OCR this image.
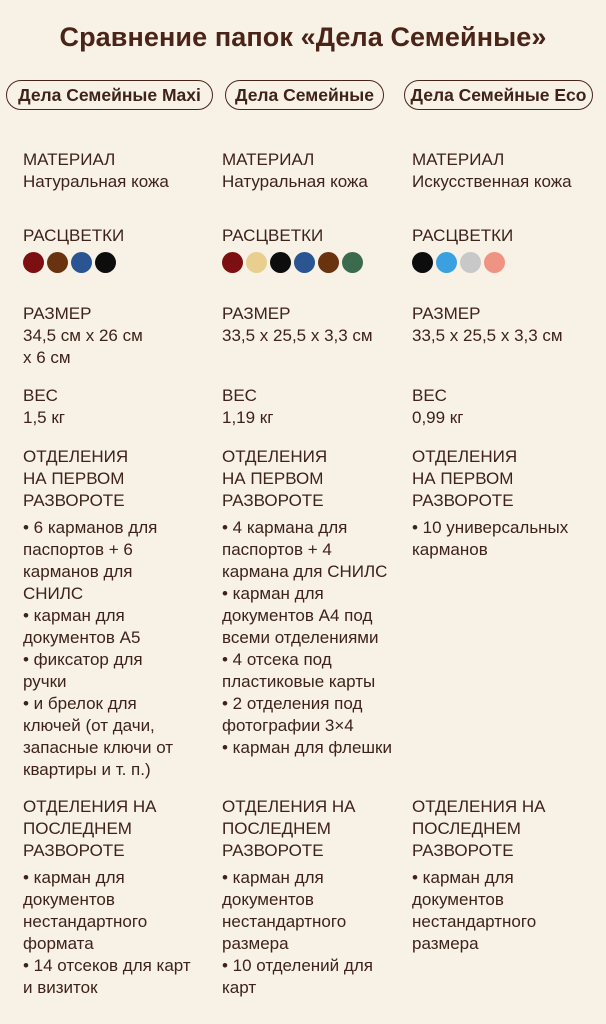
Сравнение папок «Дела Семейные»
Дела Семейные Maxi	Дела Семейные	Дела Семейные Eco
МАТЕРИАЛ
Натуральная кожа
РАСЦВЕТКИ
РАЗМЕР
34,5 см х 26 см
х 6 см
ВЕС
1,5 кг
ОТДЕЛЕНИЯ
НА ПЕРВОМ
РАЗВОРОТЕ
• 6 карманов для
паспортов + 6
карманов для
СНИЛС
• карман для
документов А5
• фиксатор для
ручки
• и брелок для
ключей (от дачи,
запасные ключи от
квартиры и т. п.)
ОТДЕЛЕНИЯ НА
ПОСЛЕДНЕМ
РАЗВОРОТЕ
• карман для
документов
нестандартного
формата
• 14 отсеков для карт
и визиток
МАТЕРИАЛ
Натуральная кожа
РАСЦВЕТКИ
РАЗМЕР
33,5 х 25,5 х 3,3 см
ВЕС
1,19 кг
ОТДЕЛЕНИЯ
НА ПЕРВОМ
РАЗВОРОТЕ
• 4 кармана для
паспортов + 4
кармана для СНИЛС
• карман для
документов А4 под
всеми отделениями
• 4 отсека под
пластиковые карты
• 2 отделения под
фотографии 3×4
• карман для флешки
ОТДЕЛЕНИЯ НА
ПОСЛЕДНЕМ
РАЗВОРОТЕ
• карман для
документов
нестандартного
размера
• 10 отделений для
карт
МАТЕРИАЛ
Искусственная кожа
РАСЦВЕТКИ
РАЗМЕР
33,5 х 25,5 х 3,3 см
ВЕС
0,99 кг
ОТДЕЛЕНИЯ
НА ПЕРВОМ
РАЗВОРОТЕ
• 10 универсальных
карманов
ОТДЕЛЕНИЯ НА
ПОСЛЕДНЕМ
РАЗВОРОТЕ
• карман для
документов
нестандартного
размера
